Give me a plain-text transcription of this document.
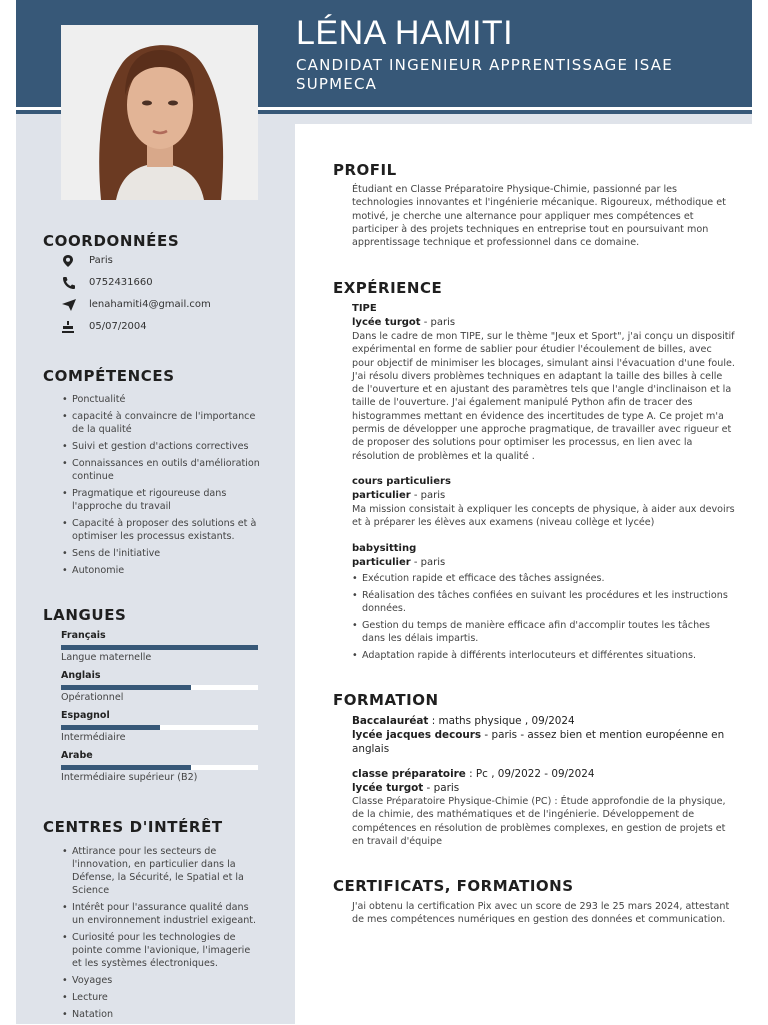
LÉNA HAMITI
CANDIDAT INGENIEUR APPRENTISSAGE ISAE SUPMECA
COORDONNÉES
Paris
0752431660
lenahamiti4@gmail.com
05/07/2004
COMPÉTENCES
• Ponctualité
• capacité à convaincre de l'importance de la qualité
• Suivi et gestion d'actions correctives
• Connaissances en outils d'amélioration continue
• Pragmatique et rigoureuse dans l'approche du travail
• Capacité à proposer des solutions et à optimiser les processus existants.
• Sens de l'initiative
• Autonomie
LANGUES
Français
Langue maternelle
Anglais
Opérationnel
Espagnol
Intermédiaire
Arabe
Intermédiaire supérieur (B2)
CENTRES D'INTÉRÊT
• Attirance pour les secteurs de l'innovation, en particulier dans la Défense, la Sécurité, le Spatial et la Science
• Intérêt pour l'assurance qualité dans un environnement industriel exigeant.
• Curiosité pour les technologies de pointe comme l'avionique, l'imagerie et les systèmes électroniques.
• Voyages
• Lecture
• Natation
PROFIL
Étudiant en Classe Préparatoire Physique-Chimie, passionné par les technologies innovantes et l'ingénierie mécanique. Rigoureux, méthodique et motivé, je cherche une alternance pour appliquer mes compétences et participer à des projets techniques en entreprise tout en poursuivant mon apprentissage technique et professionnel dans ce domaine.
EXPÉRIENCE
TIPE
lycée turgot - paris
Dans le cadre de mon TIPE, sur le thème "Jeux et Sport", j'ai conçu un dispositif expérimental en forme de sablier pour étudier l'écoulement de billes, avec pour objectif de minimiser les blocages, simulant ainsi l'évacuation d'une foule. J'ai résolu divers problèmes techniques en adaptant la taille des billes à celle de l'ouverture et en ajustant des paramètres tels que l'angle d'inclinaison et la taille de l'ouverture. J'ai également manipulé Python afin de tracer des histogrammes mettant en évidence des incertitudes de type A. Ce projet m'a permis de développer une approche pragmatique, de travailler avec rigueur et de proposer des solutions pour optimiser les processus, en lien avec la résolution de problèmes et la qualité .
cours particuliers
particulier - paris
Ma mission consistait à expliquer les concepts de physique, à aider aux devoirs et à préparer les élèves aux examens (niveau collège et lycée)
babysitting
particulier - paris
• Exécution rapide et efficace des tâches assignées.
• Réalisation des tâches confiées en suivant les procédures et les instructions données.
• Gestion du temps de manière efficace afin d'accomplir toutes les tâches dans les délais impartis.
• Adaptation rapide à différents interlocuteurs et différentes situations.
FORMATION
Baccalauréat : maths physique , 09/2024
lycée jacques decours - paris - assez bien et mention européenne en anglais
classe préparatoire : Pc , 09/2022 - 09/2024
lycée turgot - paris
Classe Préparatoire Physique-Chimie (PC) : Étude approfondie de la physique, de la chimie, des mathématiques et de l'ingénierie. Développement de compétences en résolution de problèmes complexes, en gestion de projets et en travail d'équipe
CERTIFICATS, FORMATIONS
J'ai obtenu la certification Pix avec un score de 293 le 25 mars 2024, attestant de mes compétences numériques en gestion des données et communication.
